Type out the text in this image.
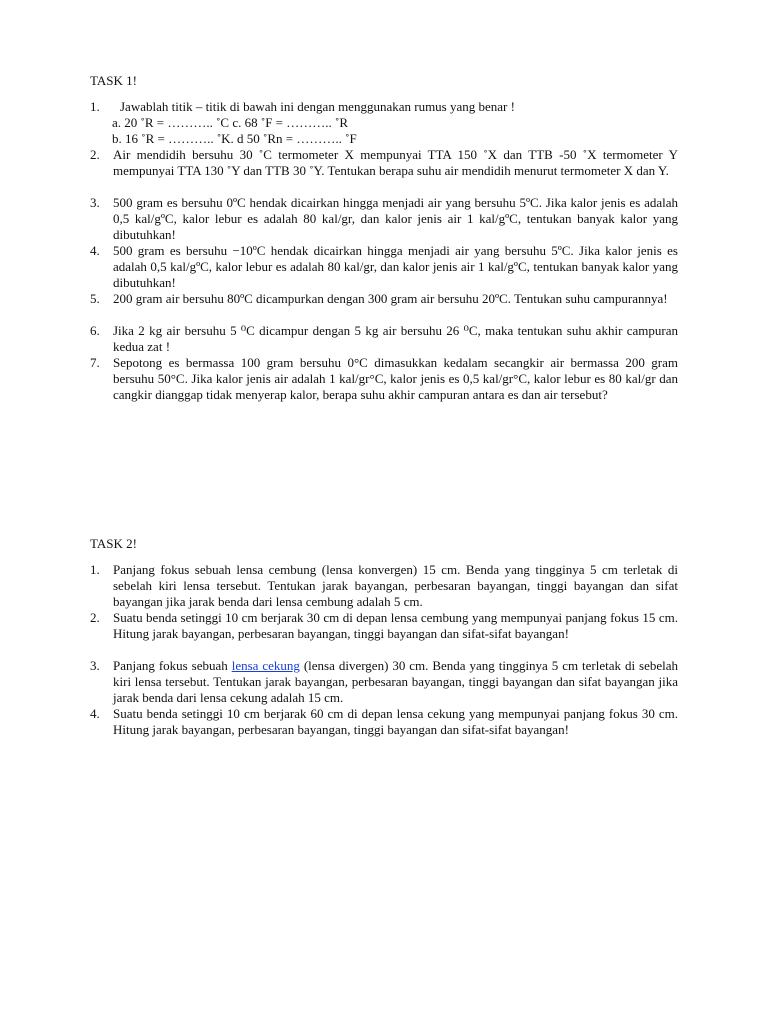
TASK 1!
1.	Jawablah titik – titik di bawah ini dengan menggunakan rumus yang benar !
a. 20 ˚R = ……….. ˚C c. 68 ˚F = ……….. ˚R
b. 16 ˚R = ……….. ˚K. d 50 ˚Rn = ……….. ˚F
2.	Air mendidih bersuhu 30 ˚C termometer X mempunyai TTA 150 ˚X dan TTB -50 ˚X termometer Y mempunyai TTA 130 ˚Y dan TTB 30 ˚Y. Tentukan berapa suhu air mendidih menurut termometer X dan Y.
3.	500 gram es bersuhu 0ºC hendak dicairkan hingga menjadi air yang bersuhu 5ºC. Jika kalor jenis es adalah 0,5 kal/gºC, kalor lebur es adalah 80 kal/gr, dan kalor jenis air 1 kal/gºC, tentukan banyak kalor yang dibutuhkan!
4.	500 gram es bersuhu −10ºC hendak dicairkan hingga menjadi air yang bersuhu 5ºC. Jika kalor jenis es adalah 0,5 kal/gºC, kalor lebur es adalah 80 kal/gr, dan kalor jenis air 1 kal/gºC, tentukan banyak kalor yang dibutuhkan!
5.	200 gram air bersuhu 80ºC dicampurkan dengan 300 gram air bersuhu 20ºC. Tentukan suhu campurannya!
6.	Jika 2 kg air bersuhu 5 ⁰C dicampur dengan 5 kg air bersuhu 26 ⁰C, maka tentukan suhu akhir campuran kedua zat !
7.	Sepotong es bermassa 100 gram bersuhu 0°C dimasukkan kedalam secangkir air bermassa 200 gram bersuhu 50°C. Jika kalor jenis air adalah 1 kal/gr°C, kalor jenis es 0,5 kal/gr°C, kalor lebur es 80 kal/gr dan cangkir dianggap tidak menyerap kalor, berapa suhu akhir campuran antara es dan air tersebut?
TASK 2!
1.	Panjang fokus sebuah lensa cembung (lensa konvergen) 15 cm. Benda yang tingginya 5 cm terletak di sebelah kiri lensa tersebut. Tentukan jarak bayangan, perbesaran bayangan, tinggi bayangan dan sifat bayangan jika jarak benda dari lensa cembung adalah 5 cm.
2.	Suatu benda setinggi 10 cm berjarak 30 cm di depan lensa cembung yang mempunyai panjang fokus 15 cm. Hitung jarak bayangan, perbesaran bayangan, tinggi bayangan dan sifat-sifat bayangan!
3.	Panjang fokus sebuah lensa cekung (lensa divergen) 30 cm. Benda yang tingginya 5 cm terletak di sebelah kiri lensa tersebut. Tentukan jarak bayangan, perbesaran bayangan, tinggi bayangan dan sifat bayangan jika jarak benda dari lensa cekung adalah 15 cm.
4.	Suatu benda setinggi 10 cm berjarak 60 cm di depan lensa cekung yang mempunyai panjang fokus 30 cm. Hitung jarak bayangan, perbesaran bayangan, tinggi bayangan dan sifat-sifat bayangan!
